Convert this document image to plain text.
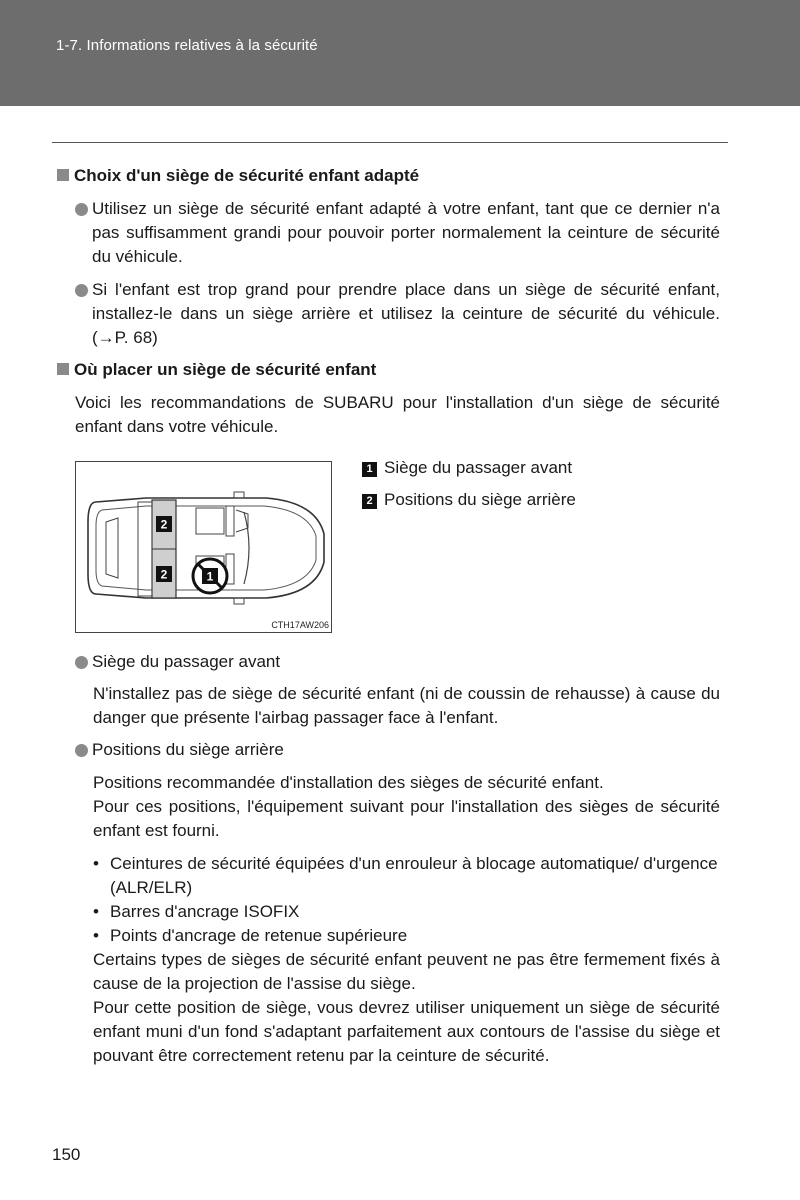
1-7. Informations relatives à la sécurité
Choix d'un siège de sécurité enfant adapté
Utilisez un siège de sécurité enfant adapté à votre enfant, tant que ce dernier n'a pas suffisamment grandi pour pouvoir porter normalement la ceinture de sécurité du véhicule.
Si l'enfant est trop grand pour prendre place dans un siège de sécurité enfant, installez-le dans un siège arrière et utilisez la ceinture de sécurité du véhicule. (→P. 68)
Où placer un siège de sécurité enfant
Voici les recommandations de SUBARU pour l'installation d'un siège de sécurité enfant dans votre véhicule.
2
2	1
CTH17AW206
1 Siège du passager avant
2 Positions du siège arrière
Siège du passager avant
N'installez pas de siège de sécurité enfant (ni de coussin de rehausse) à cause du danger que présente l'airbag passager face à l'enfant.
Positions du siège arrière
Positions recommandée d'installation des sièges de sécurité enfant.
Pour ces positions, l'équipement suivant pour l'installation des sièges de sécurité enfant est fourni.
• Ceintures de sécurité équipées d'un enrouleur à blocage automatique/ d'urgence (ALR/ELR)
• Barres d'ancrage ISOFIX
• Points d'ancrage de retenue supérieure
Certains types de sièges de sécurité enfant peuvent ne pas être fermement fixés à cause de la projection de l'assise du siège.
Pour cette position de siège, vous devrez utiliser uniquement un siège de sécurité enfant muni d'un fond s'adaptant parfaitement aux contours de l'assise du siège et pouvant être correctement retenu par la ceinture de sécurité.
150
